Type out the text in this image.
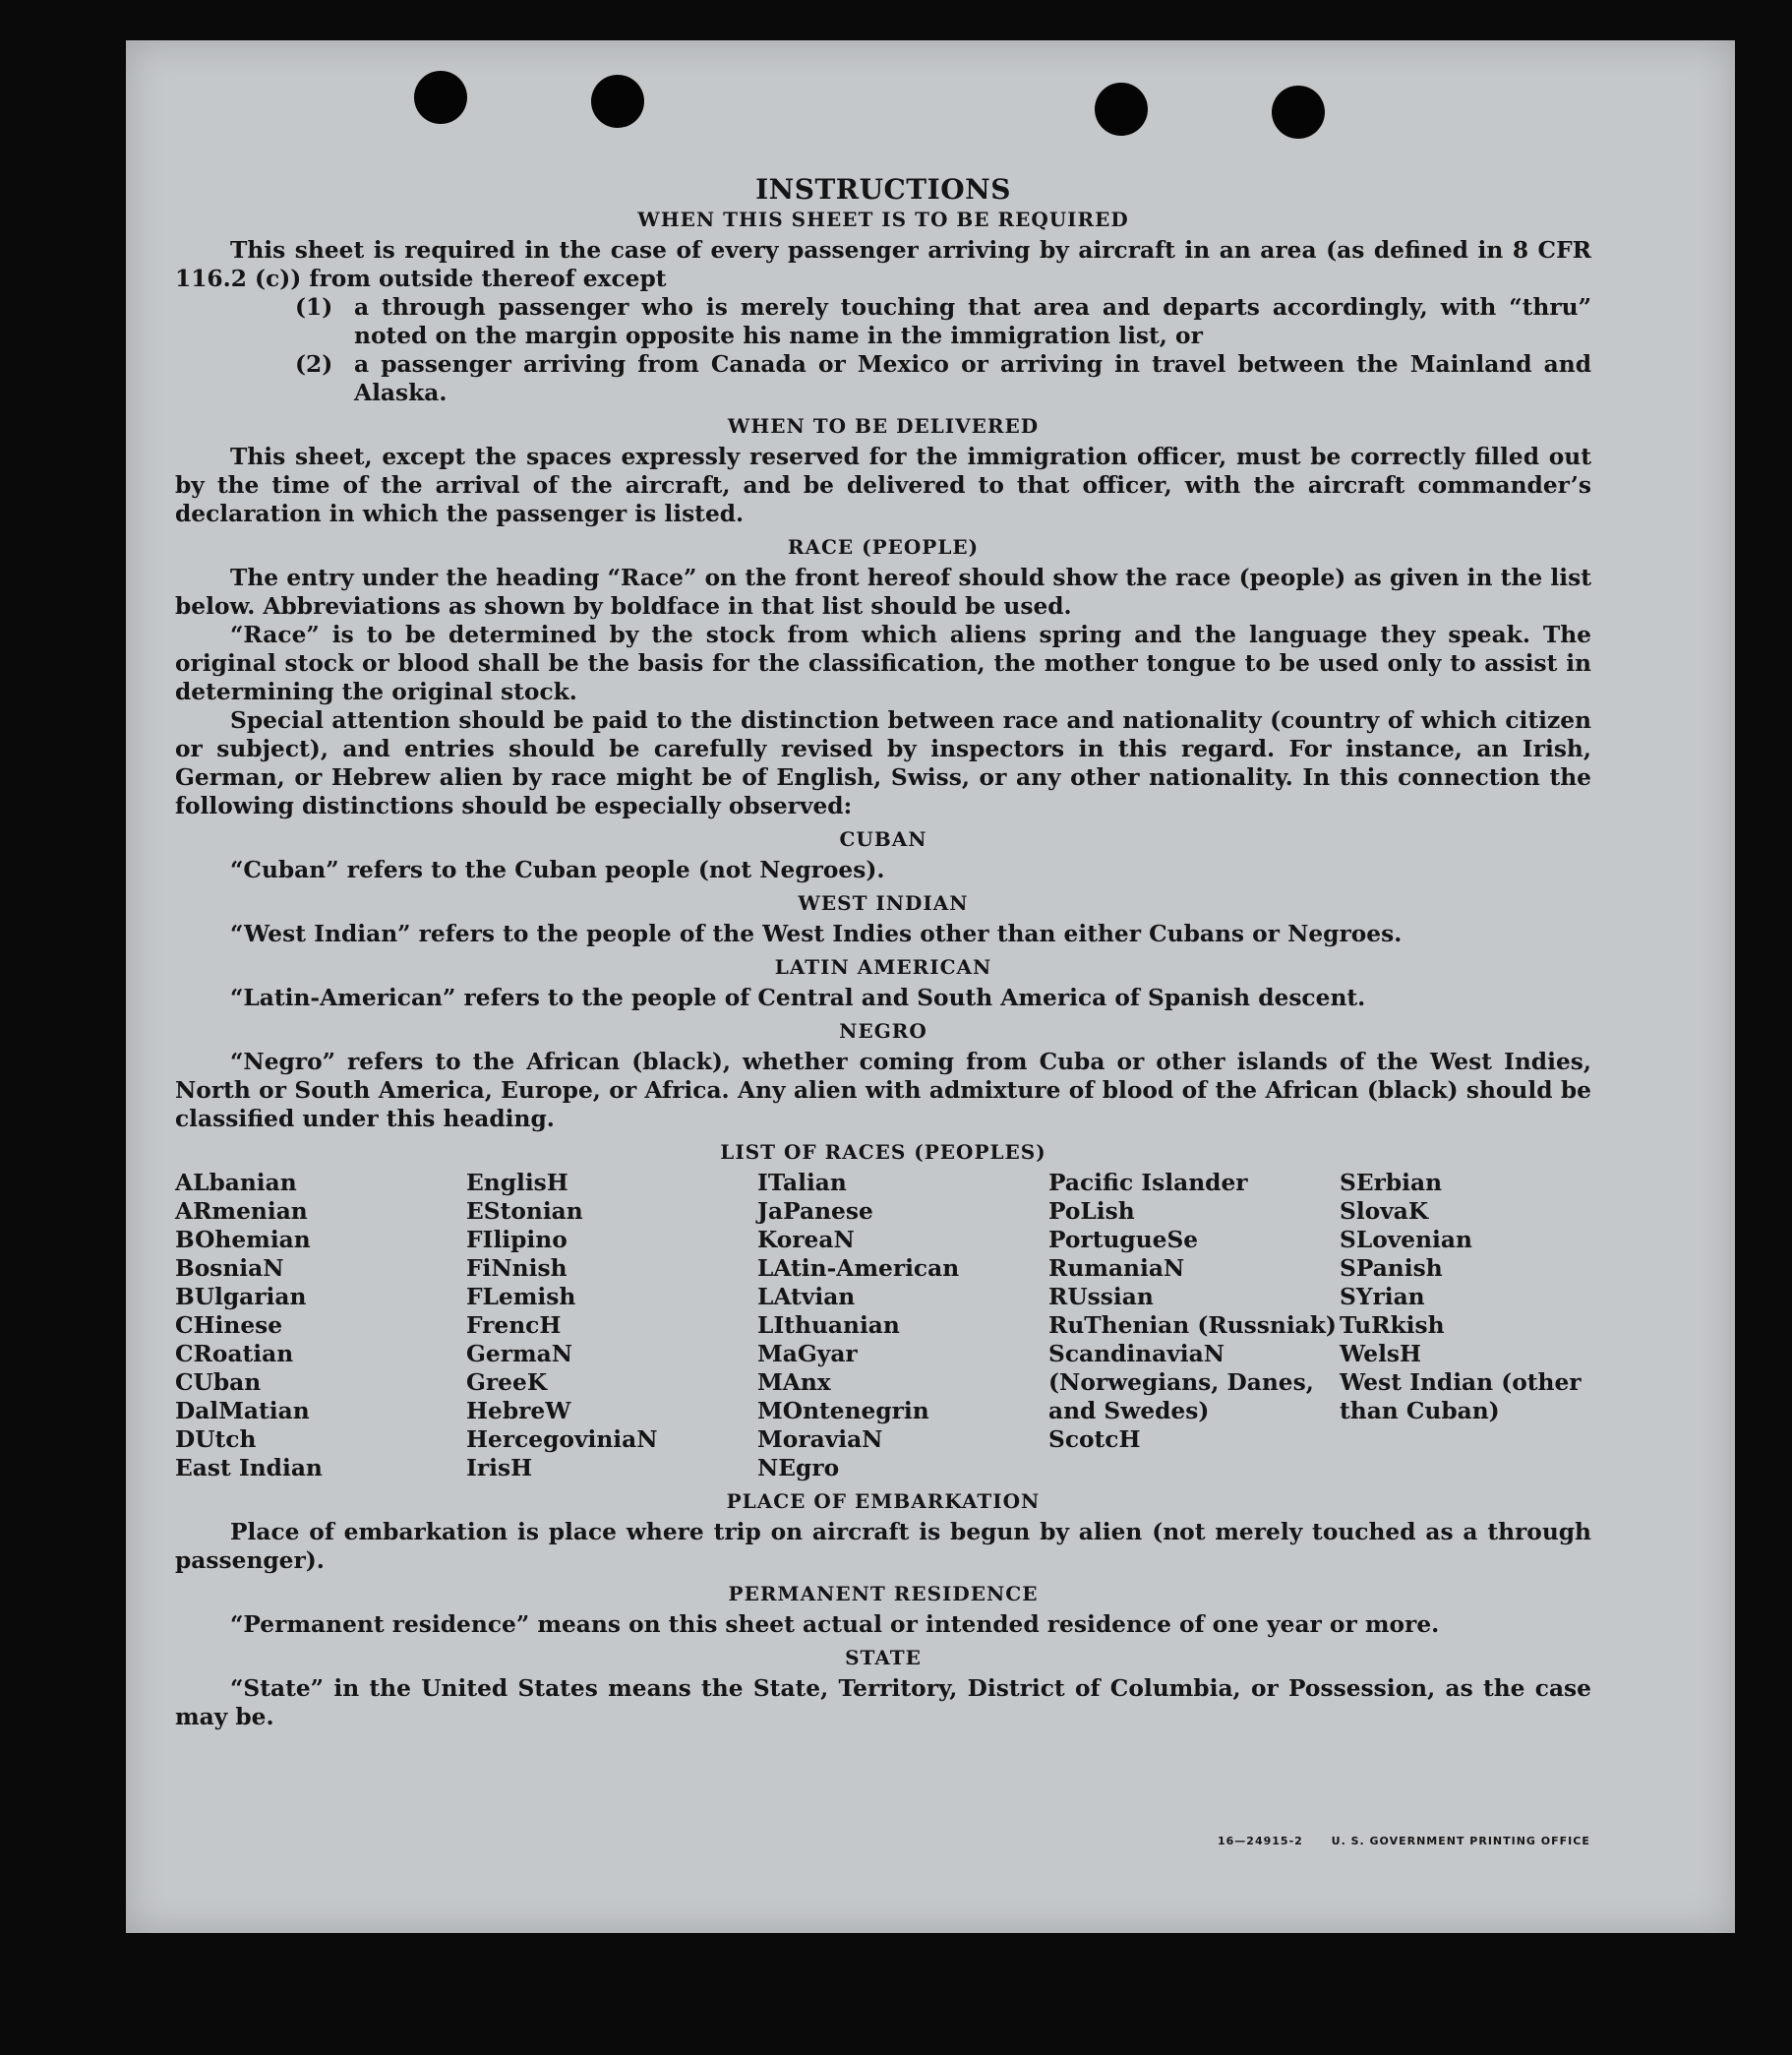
INSTRUCTIONS
WHEN THIS SHEET IS TO BE REQUIRED

This sheet is required in the case of every passenger arriving by aircraft in an area (as defined in 8 CFR 116.2 (c)) from outside thereof except

(1) a through passenger who is merely touching that area and departs accordingly, with “thru” noted on the margin opposite his name in the immigration list, or
(2) a passenger arriving from Canada or Mexico or arriving in travel between the Mainland and Alaska.
WHEN TO BE DELIVERED

This sheet, except the spaces expressly reserved for the immigration officer, must be correctly filled out by the time of the arrival of the aircraft, and be delivered to that officer, with the aircraft commander’s declaration in which the passenger is listed.

RACE (PEOPLE)

The entry under the heading “Race” on the front hereof should show the race (people) as given in the list below. Abbreviations as shown by boldface in that list should be used.

“Race” is to be determined by the stock from which aliens spring and the language they speak. The original stock or blood shall be the basis for the classification, the mother tongue to be used only to assist in determining the original stock.

Special attention should be paid to the distinction between race and nationality (country of which citizen or subject), and entries should be carefully revised by inspectors in this regard. For instance, an Irish, German, or Hebrew alien by race might be of English, Swiss, or any other nationality. In this connection the following distinctions should be especially observed:

CUBAN

“Cuban” refers to the Cuban people (not Negroes).

WEST INDIAN

“West Indian” refers to the people of the West Indies other than either Cubans or Negroes.

LATIN AMERICAN

“Latin-American” refers to the people of Central and South America of Spanish descent.

NEGRO

“Negro” refers to the African (black), whether coming from Cuba or other islands of the West Indies, North or South America, Europe, or Africa. Any alien with admixture of blood of the African (black) should be classified under this heading.

LIST OF RACES (PEOPLES)
ALbanian
ARmenian
BOhemian
BosniaN
BUlgarian
CHinese
CRoatian
CUban
DalMatian
DUtch
East Indian
EnglisH
EStonian
FIlipino
FiNnish
FLemish
FrencH
GermaN
GreeK
HebreW
HercegoviniaN
IrisH
ITalian
JaPanese
KoreaN
LAtin-American
LAtvian
LIthuanian
MaGyar
MAnx
MOntenegrin
MoraviaN
NEgro
Pacific Islander
PoLish
PortugueSe
RumaniaN
RUssian
RuThenian (Russniak)
ScandinaviaN (Norwegians, Danes, and Swedes)
ScotcH
SErbian
SlovaK
SLovenian
SPanish
SYrian
TuRkish
WelsH
West Indian (other than Cuban)
PLACE OF EMBARKATION

Place of embarkation is place where trip on aircraft is begun by alien (not merely touched as a through passenger).

PERMANENT RESIDENCE

“Permanent residence” means on this sheet actual or intended residence of one year or more.

STATE

“State” in the United States means the State, Territory, District of Columbia, or Possession, as the case may be.

16—24915-2	U. S. GOVERNMENT PRINTING OFFICE
